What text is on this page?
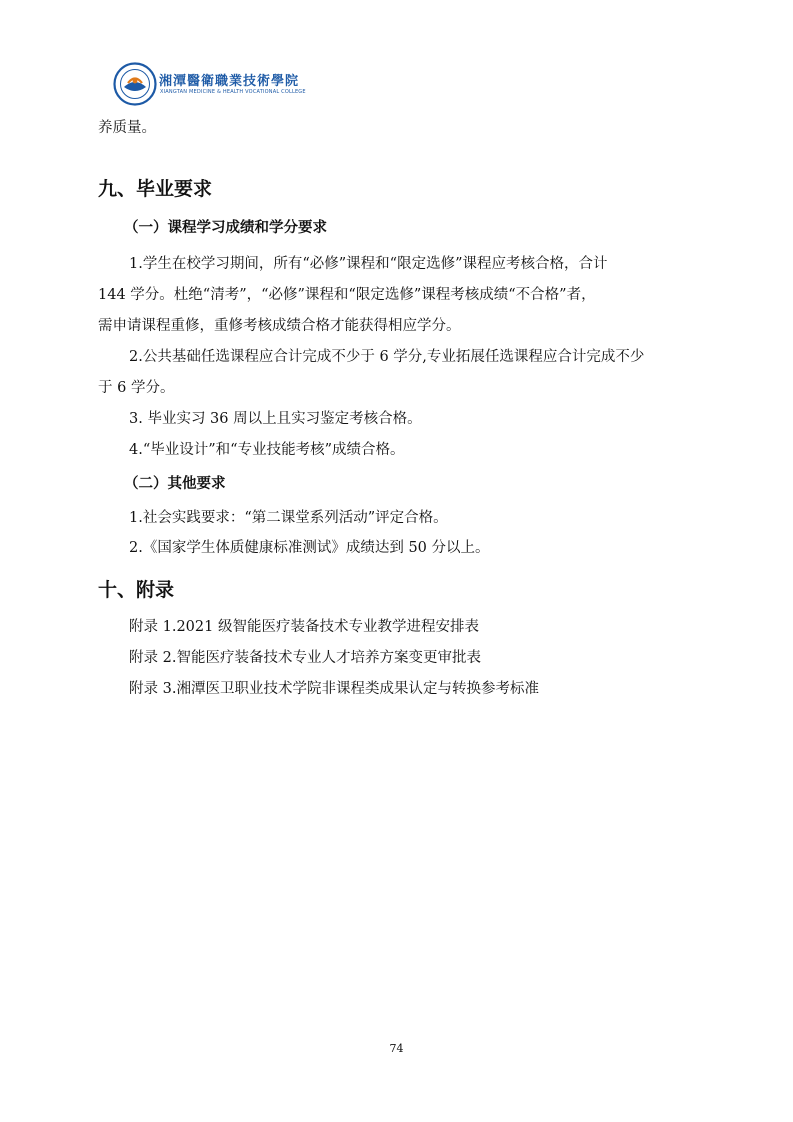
湘潭醫衛職業技術學院
XIANGTAN MEDICINE & HEALTH VOCATIONAL COLLEGE
养质量。
九、毕业要求
（一）课程学习成绩和学分要求
1.学生在校学习期间，所有“必修”课程和“限定选修”课程应考核合格，合计
144 学分。杜绝“清考”，“必修”课程和“限定选修”课程考核成绩“不合格”者，
需申请课程重修，重修考核成绩合格才能获得相应学分。
2.公共基础任选课程应合计完成不少于 6 学分,专业拓展任选课程应合计完成不少
于 6 学分。
3. 毕业实习 36 周以上且实习鉴定考核合格。
4.“毕业设计”和“专业技能考核”成绩合格。
（二）其他要求
1.社会实践要求：“第二课堂系列活动”评定合格。
2.《国家学生体质健康标准测试》成绩达到 50 分以上。
十、附录
附录 1.2021 级智能医疗装备技术专业教学进程安排表
附录 2.智能医疗装备技术专业人才培养方案变更审批表
附录 3.湘潭医卫职业技术学院非课程类成果认定与转换参考标准
74
